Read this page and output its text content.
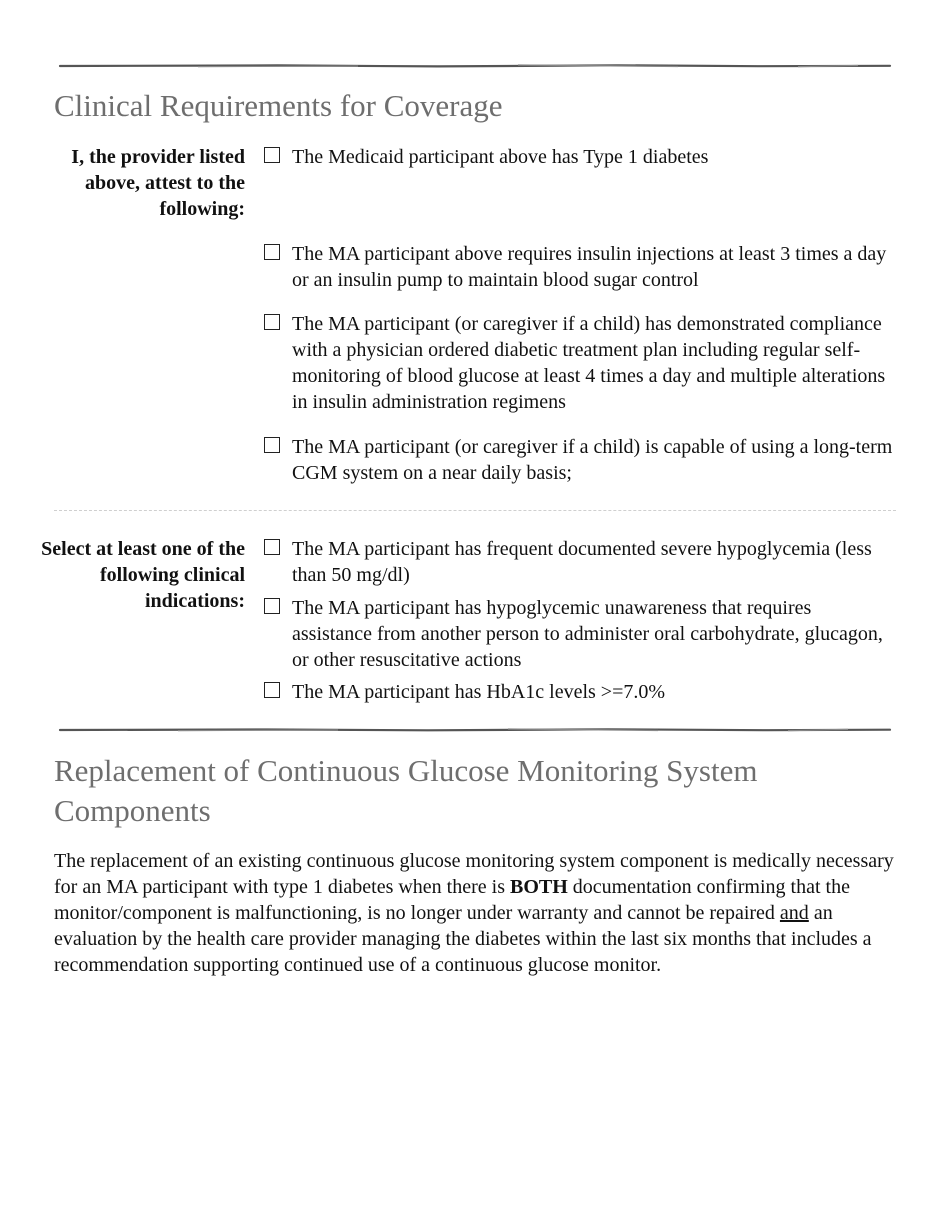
Clinical Requirements for Coverage
I, the provider listed above, attest to the following:
The Medicaid participant above has Type 1 diabetes
The MA participant above requires insulin injections at least 3 times a day or an insulin pump to maintain blood sugar control
The MA participant (or caregiver if a child) has demonstrated compliance with a physician ordered diabetic treatment plan including regular self-monitoring of blood glucose at least 4 times a day and multiple alterations in insulin administration regimens
The MA participant (or caregiver if a child) is capable of using a long-term CGM system on a near daily basis;
Select at least one of the following clinical indications:
The MA participant has frequent documented severe hypoglycemia (less than 50 mg/dl)
The MA participant has hypoglycemic unawareness that requires assistance from another person to administer oral carbohydrate, glucagon, or other resuscitative actions
The MA participant has HbA1c levels >=7.0%
Replacement of Continuous Glucose Monitoring System Components
The replacement of an existing continuous glucose monitoring system component is medically necessary for an MA participant with type 1 diabetes when there is BOTH documentation confirming that the monitor/component is malfunctioning, is no longer under warranty and cannot be repaired and an evaluation by the health care provider managing the diabetes within the last six months that includes a recommendation supporting continued use of a continuous glucose monitor.
